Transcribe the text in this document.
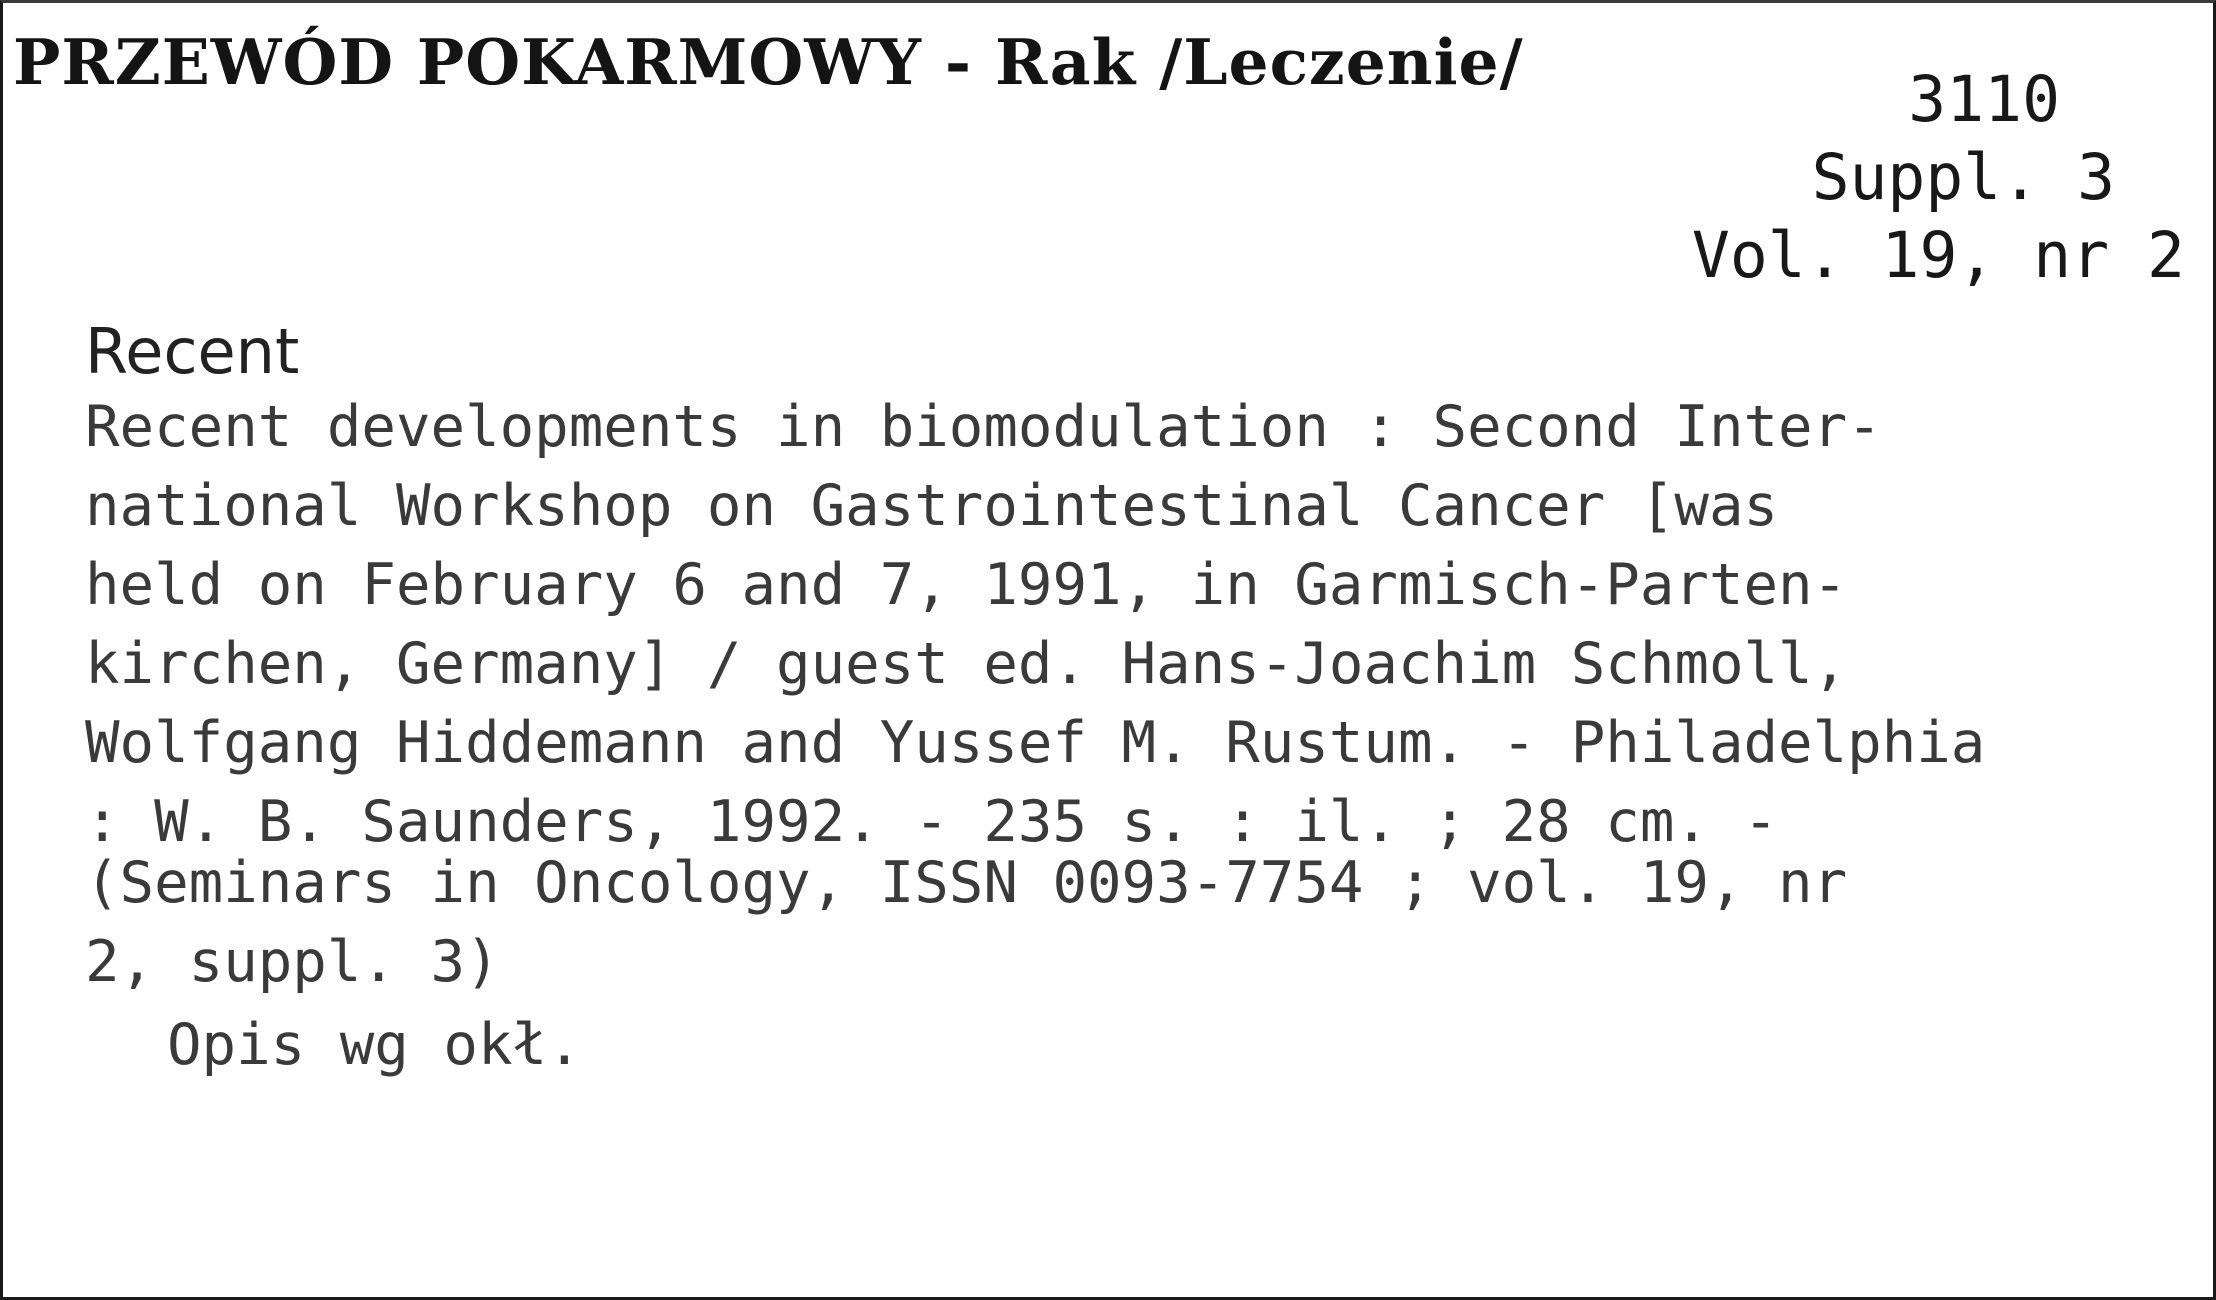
PRZEWÓD POKARMOWY - Rak /Leczenie/
3110
Suppl. 3
Vol. 19, nr 2
Recent
Recent developments in biomodulation : Second Inter-
national Workshop on Gastrointestinal Cancer [was
held on February 6 and 7, 1991, in Garmisch-Parten-
kirchen, Germany] / guest ed. Hans-Joachim Schmoll,
Wolfgang Hiddemann and Yussef M. Rustum. - Philadelphia
: W. B. Saunders, 1992. - 235 s. : il. ; 28 cm. -
(Seminars in Oncology, ISSN 0093-7754 ; vol. 19, nr
2, suppl. 3)
Opis wg okł.
